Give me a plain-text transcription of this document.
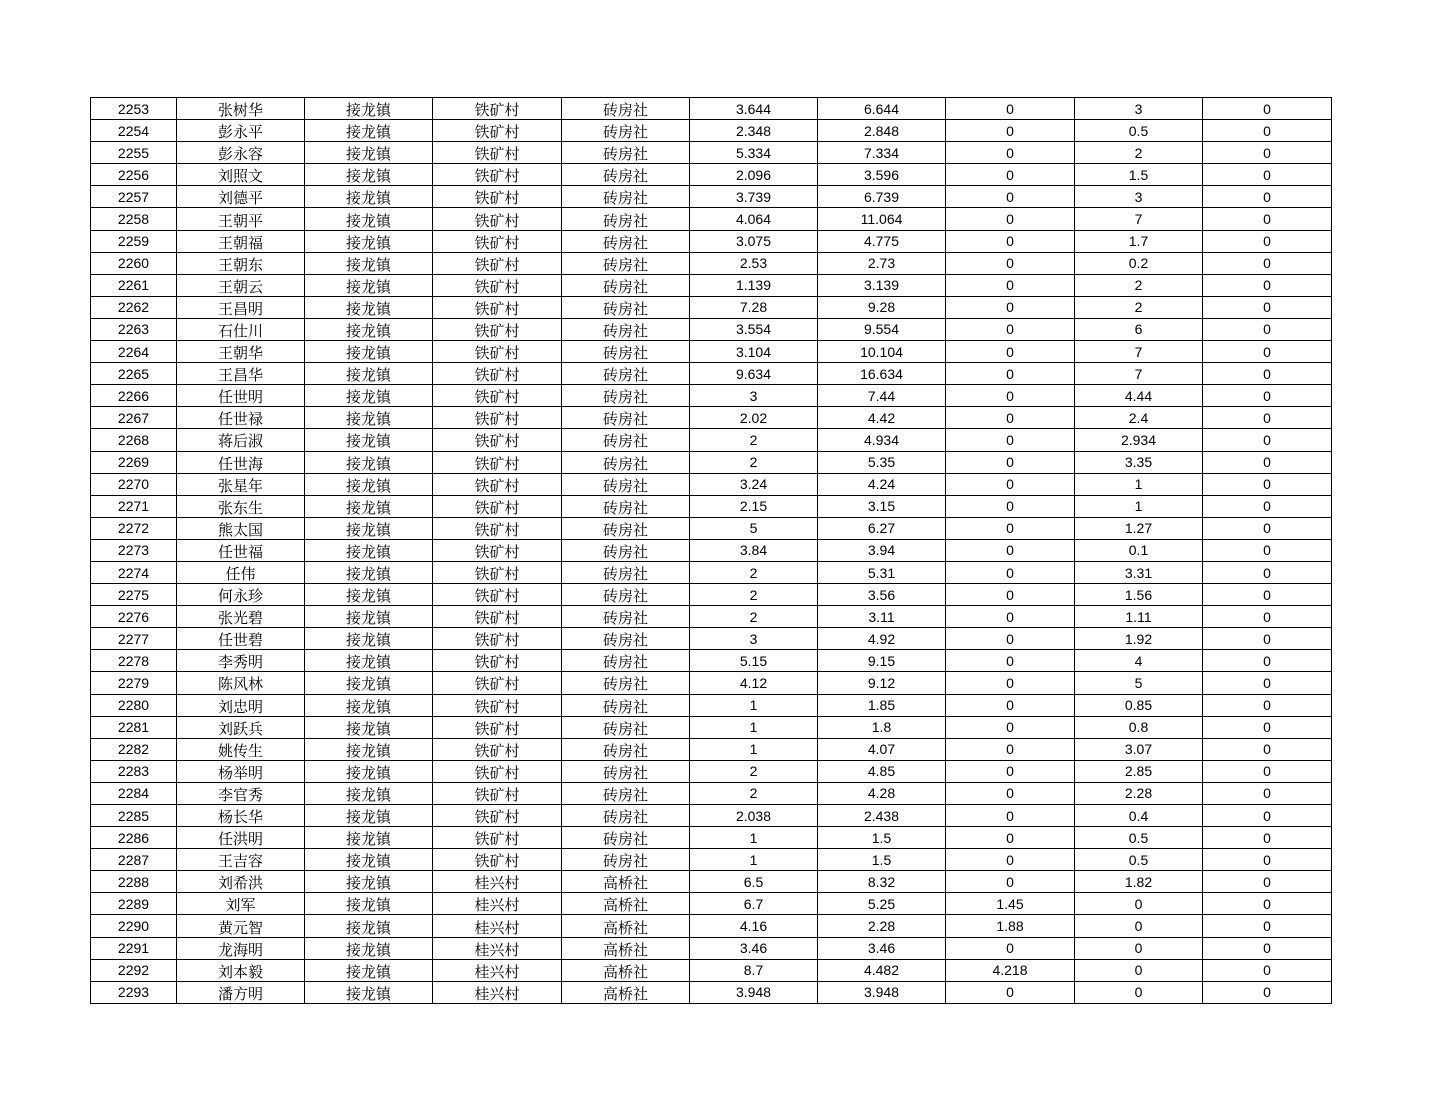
2253	张树华	接龙镇	铁矿村	砖房社	3.644	6.644	0	3	0
2254	彭永平	接龙镇	铁矿村	砖房社	2.348	2.848	0	0.5	0
2255	彭永容	接龙镇	铁矿村	砖房社	5.334	7.334	0	2	0
2256	刘照文	接龙镇	铁矿村	砖房社	2.096	3.596	0	1.5	0
2257	刘德平	接龙镇	铁矿村	砖房社	3.739	6.739	0	3	0
2258	王朝平	接龙镇	铁矿村	砖房社	4.064	11.064	0	7	0
2259	王朝福	接龙镇	铁矿村	砖房社	3.075	4.775	0	1.7	0
2260	王朝东	接龙镇	铁矿村	砖房社	2.53	2.73	0	0.2	0
2261	王朝云	接龙镇	铁矿村	砖房社	1.139	3.139	0	2	0
2262	王昌明	接龙镇	铁矿村	砖房社	7.28	9.28	0	2	0
2263	石仕川	接龙镇	铁矿村	砖房社	3.554	9.554	0	6	0
2264	王朝华	接龙镇	铁矿村	砖房社	3.104	10.104	0	7	0
2265	王昌华	接龙镇	铁矿村	砖房社	9.634	16.634	0	7	0
2266	任世明	接龙镇	铁矿村	砖房社	3	7.44	0	4.44	0
2267	任世禄	接龙镇	铁矿村	砖房社	2.02	4.42	0	2.4	0
2268	蒋后淑	接龙镇	铁矿村	砖房社	2	4.934	0	2.934	0
2269	任世海	接龙镇	铁矿村	砖房社	2	5.35	0	3.35	0
2270	张星年	接龙镇	铁矿村	砖房社	3.24	4.24	0	1	0
2271	张东生	接龙镇	铁矿村	砖房社	2.15	3.15	0	1	0
2272	熊太国	接龙镇	铁矿村	砖房社	5	6.27	0	1.27	0
2273	任世福	接龙镇	铁矿村	砖房社	3.84	3.94	0	0.1	0
2274	任伟	接龙镇	铁矿村	砖房社	2	5.31	0	3.31	0
2275	何永珍	接龙镇	铁矿村	砖房社	2	3.56	0	1.56	0
2276	张光碧	接龙镇	铁矿村	砖房社	2	3.11	0	1.11	0
2277	任世碧	接龙镇	铁矿村	砖房社	3	4.92	0	1.92	0
2278	李秀明	接龙镇	铁矿村	砖房社	5.15	9.15	0	4	0
2279	陈风林	接龙镇	铁矿村	砖房社	4.12	9.12	0	5	0
2280	刘忠明	接龙镇	铁矿村	砖房社	1	1.85	0	0.85	0
2281	刘跃兵	接龙镇	铁矿村	砖房社	1	1.8	0	0.8	0
2282	姚传生	接龙镇	铁矿村	砖房社	1	4.07	0	3.07	0
2283	杨举明	接龙镇	铁矿村	砖房社	2	4.85	0	2.85	0
2284	李官秀	接龙镇	铁矿村	砖房社	2	4.28	0	2.28	0
2285	杨长华	接龙镇	铁矿村	砖房社	2.038	2.438	0	0.4	0
2286	任洪明	接龙镇	铁矿村	砖房社	1	1.5	0	0.5	0
2287	王吉容	接龙镇	铁矿村	砖房社	1	1.5	0	0.5	0
2288	刘希洪	接龙镇	桂兴村	高桥社	6.5	8.32	0	1.82	0
2289	刘军	接龙镇	桂兴村	高桥社	6.7	5.25	1.45	0	0
2290	黄元智	接龙镇	桂兴村	高桥社	4.16	2.28	1.88	0	0
2291	龙海明	接龙镇	桂兴村	高桥社	3.46	3.46	0	0	0
2292	刘本毅	接龙镇	桂兴村	高桥社	8.7	4.482	4.218	0	0
2293	潘方明	接龙镇	桂兴村	高桥社	3.948	3.948	0	0	0
